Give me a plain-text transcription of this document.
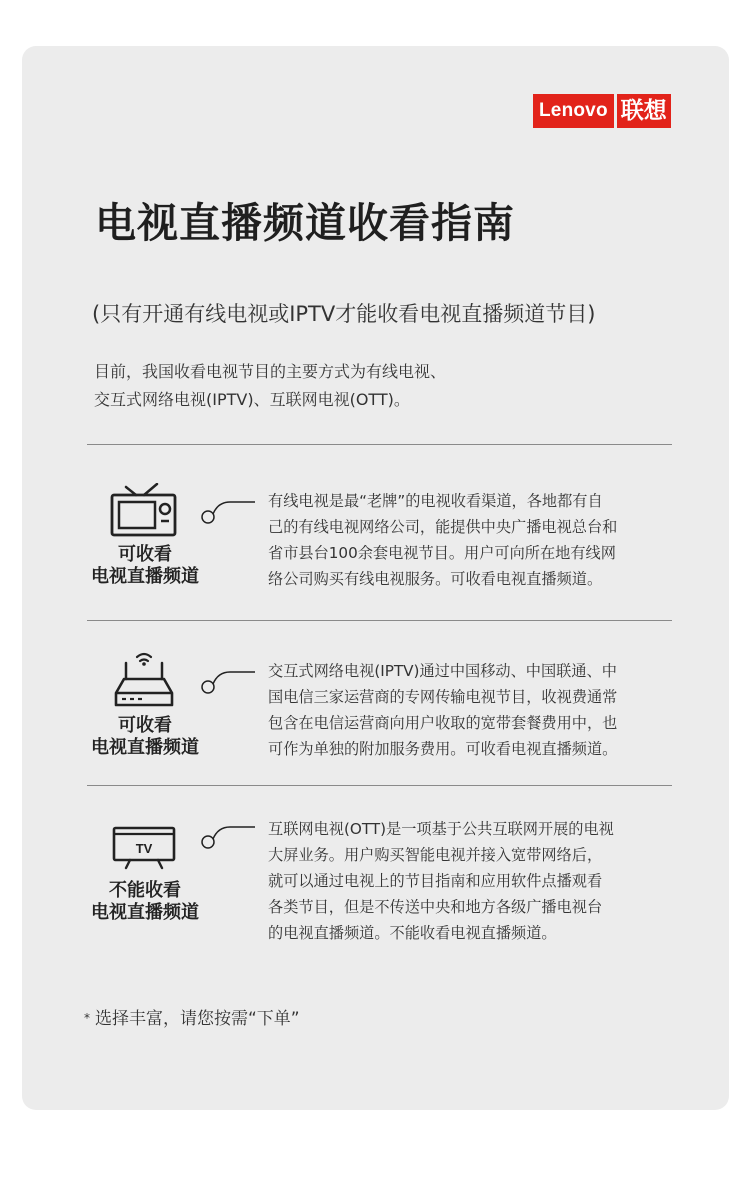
Lenovo 联想
电视直播频道收看指南
(只有开通有线电视或IPTV才能收看电视直播频道节目)
目前，我国收看电视节目的主要方式为有线电视、
交互式网络电视(IPTV)、互联网电视(OTT)。
可收看
电视直播频道
有线电视是最“老牌”的电视收看渠道，各地都有自
己的有线电视网络公司，能提供中央广播电视总台和
省市县台100余套电视节目。用户可向所在地有线网
络公司购买有线电视服务。可收看电视直播频道。
可收看
电视直播频道
交互式网络电视(IPTV)通过中国移动、中国联通、中
国电信三家运营商的专网传输电视节目，收视费通常
包含在电信运营商向用户收取的宽带套餐费用中，也
可作为单独的附加服务费用。可收看电视直播频道。
TV
不能收看
电视直播频道
互联网电视(OTT)是一项基于公共互联网开展的电视
大屏业务。用户购买智能电视并接入宽带网络后，
就可以通过电视上的节目指南和应用软件点播观看
各类节目，但是不传送中央和地方各级广播电视台
的电视直播频道。不能收看电视直播频道。
* 选择丰富，请您按需“下单”
